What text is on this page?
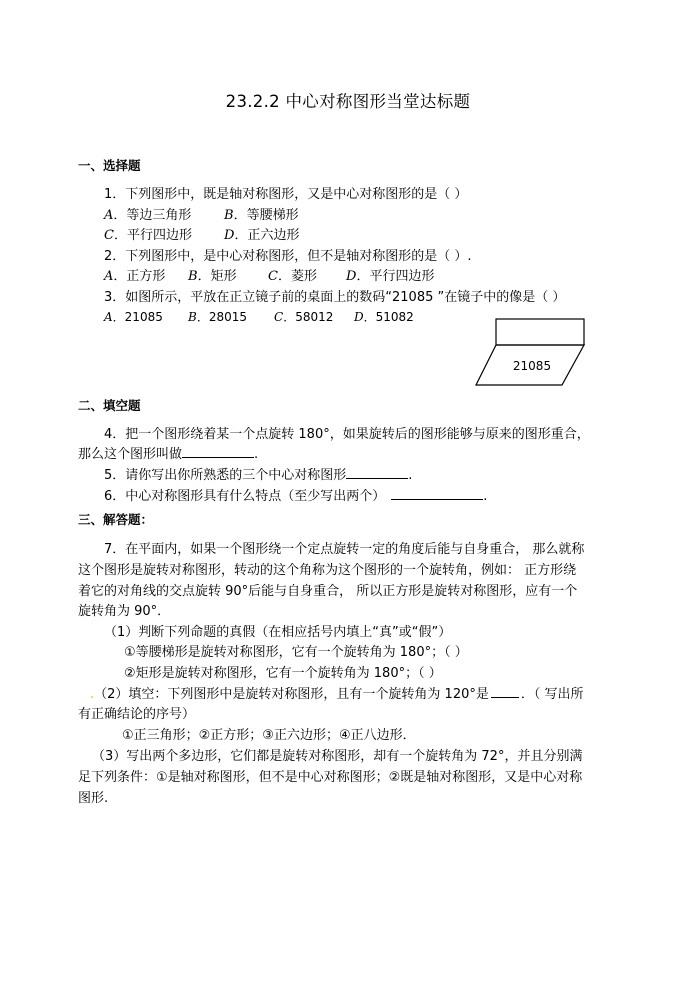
23.2.2 中心对称图形当堂达标题
一、选择题
1．下列图形中，既是轴对称图形，又是中心对称图形的是（ ）
A．等边三角形	B．等腰梯形
C．平行四边形 D．正六边形
2．下列图形中，是中心对称图形，但不是轴对称图形的是（ ）.
A．正方形 B．矩形 C．菱形 D．平行四边形
3．如图所示，平放在正立镜子前的桌面上的数码“21085 ”在镜子中的像是（ ）
A．21085 B．28015 C．58012 D．51082
21085
二、填空题
4．把一个图形绕着某一个点旋转 180°，如果旋转后的图形能够与原来的图形重合，
那么这个图形叫做	.
5．请你写出你所熟悉的三个中心对称图形	.
6．中心对称图形具有什么特点（至少写出两个）	.
三、解答题：
7．在平面内，如果一个图形绕一个定点旋转一定的角度后能与自身重合， 那么就称
这个图形是旋转对称图形，转动的这个角称为这个图形的一个旋转角，例如： 正方形绕
着它的对角线的交点旋转 90°后能与自身重合， 所以正方形是旋转对称图形，应有一个
旋转角为 90°．
（1）判断下列命题的真假（在相应括号内填上“真”或“假”）
①等腰梯形是旋转对称图形，它有一个旋转角为 180°；（ ）
②矩形是旋转对称图形，它有一个旋转角为 180°；（ ）
.（2）填空：下列图形中是旋转对称图形，且有一个旋转角为 120°是 ．（ 写出所
有正确结论的序号）
①正三角形；②正方形；③正六边形；④正八边形．
（3）写出两个多边形，它们都是旋转对称图形，却有一个旋转角为 72°，并且分别满
足下列条件：①是轴对称图形，但不是中心对称图形；②既是轴对称图形，又是中心对称
图形.
